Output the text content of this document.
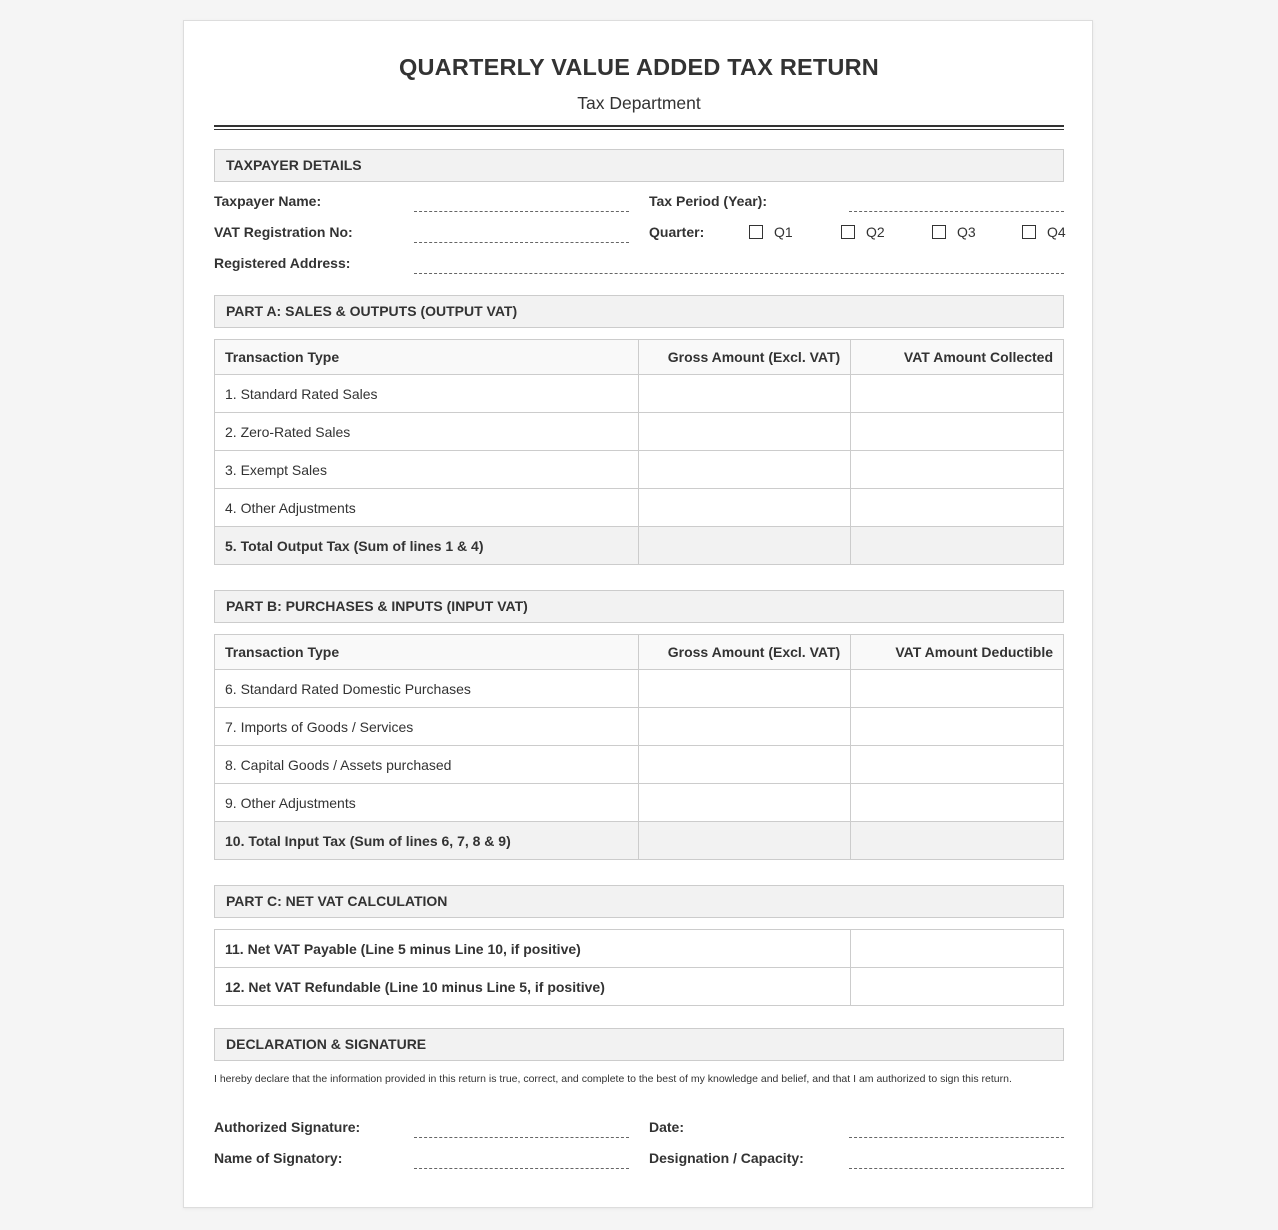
QUARTERLY VALUE ADDED TAX RETURN
Tax Department
TAXPAYER DETAILS
Taxpayer Name:	Tax Period (Year):
VAT Registration No:	Quarter:	Q1	Q2	Q3	Q4
Registered Address:
PART A: SALES & OUTPUTS (OUTPUT VAT)
Transaction Type	Gross Amount (Excl. VAT)	VAT Amount Collected
1. Standard Rated Sales		
2. Zero-Rated Sales		
3. Exempt Sales		
4. Other Adjustments		
5. Total Output Tax (Sum of lines 1 & 4)		
PART B: PURCHASES & INPUTS (INPUT VAT)
Transaction Type	Gross Amount (Excl. VAT)	VAT Amount Deductible
6. Standard Rated Domestic Purchases		
7. Imports of Goods / Services		
8. Capital Goods / Assets purchased		
9. Other Adjustments		
10. Total Input Tax (Sum of lines 6, 7, 8 & 9)		
PART C: NET VAT CALCULATION
11. Net VAT Payable (Line 5 minus Line 10, if positive)	
12. Net VAT Refundable (Line 10 minus Line 5, if positive)	
DECLARATION & SIGNATURE
I hereby declare that the information provided in this return is true, correct, and complete to the best of my knowledge and belief, and that I am authorized to sign this return.
Authorized Signature:	Date:
Name of Signatory:	Designation / Capacity:
